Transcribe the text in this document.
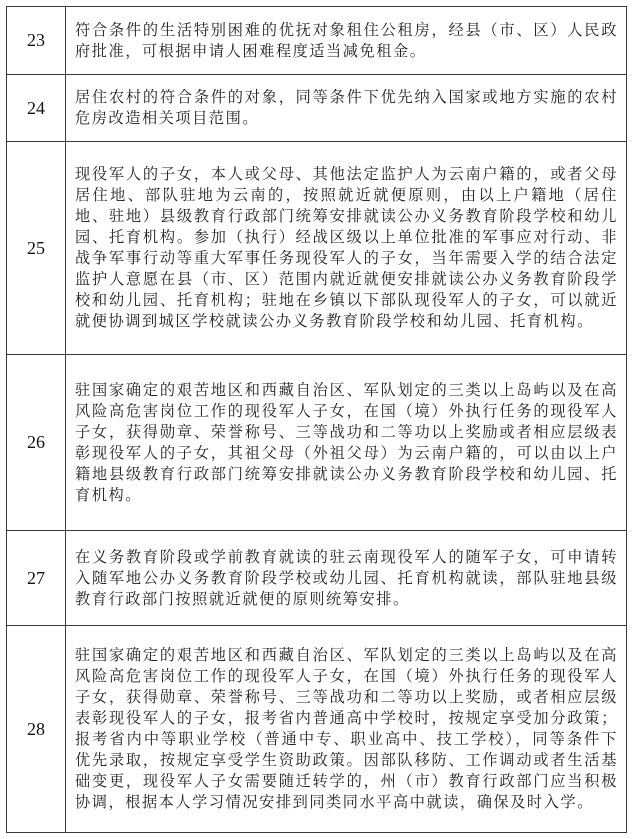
23
符合条件的生活特别困难的优抚对象租住公租房，经县（市、区）人民政府批准，可根据申请人困难程度适当减免租金。
24
居住农村的符合条件的对象，同等条件下优先纳入国家或地方实施的农村危房改造相关项目范围。
25
现役军人的子女，本人或父母、其他法定监护人为云南户籍的，或者父母居住地、部队驻地为云南的，按照就近就便原则，由以上户籍地（居住地、驻地）县级教育行政部门统筹安排就读公办义务教育阶段学校和幼儿园、托育机构。参加（执行）经战区级以上单位批准的军事应对行动、非战争军事行动等重大军事任务现役军人的子女，当年需要入学的结合法定监护人意愿在县（市、区）范围内就近就便安排就读公办义务教育阶段学校和幼儿园、托育机构；驻地在乡镇以下部队现役军人的子女，可以就近就便协调到城区学校就读公办义务教育阶段学校和幼儿园、托育机构。
26
驻国家确定的艰苦地区和西藏自治区、军队划定的三类以上岛屿以及在高风险高危害岗位工作的现役军人子女，在国（境）外执行任务的现役军人子女，获得勋章、荣誉称号、三等战功和二等功以上奖励或者相应层级表彰现役军人的子女，其祖父母（外祖父母）为云南户籍的，可以由以上户籍地县级教育行政部门统筹安排就读公办义务教育阶段学校和幼儿园、托育机构。
27
在义务教育阶段或学前教育就读的驻云南现役军人的随军子女，可申请转入随军地公办义务教育阶段学校或幼儿园、托育机构就读，部队驻地县级教育行政部门按照就近就便的原则统筹安排。
28
驻国家确定的艰苦地区和西藏自治区、军队划定的三类以上岛屿以及在高风险高危害岗位工作的现役军人子女，在国（境）外执行任务的现役军人子女，获得勋章、荣誉称号、三等战功和二等功以上奖励，或者相应层级表彰现役军人的子女，报考省内普通高中学校时，按规定享受加分政策；报考省内中等职业学校（普通中专、职业高中、技工学校），同等条件下优先录取，按规定享受学生资助政策。因部队移防、工作调动或者生活基础变更，现役军人子女需要随迁转学的，州（市）教育行政部门应当积极协调，根据本人学习情况安排到同类同水平高中就读，确保及时入学。
